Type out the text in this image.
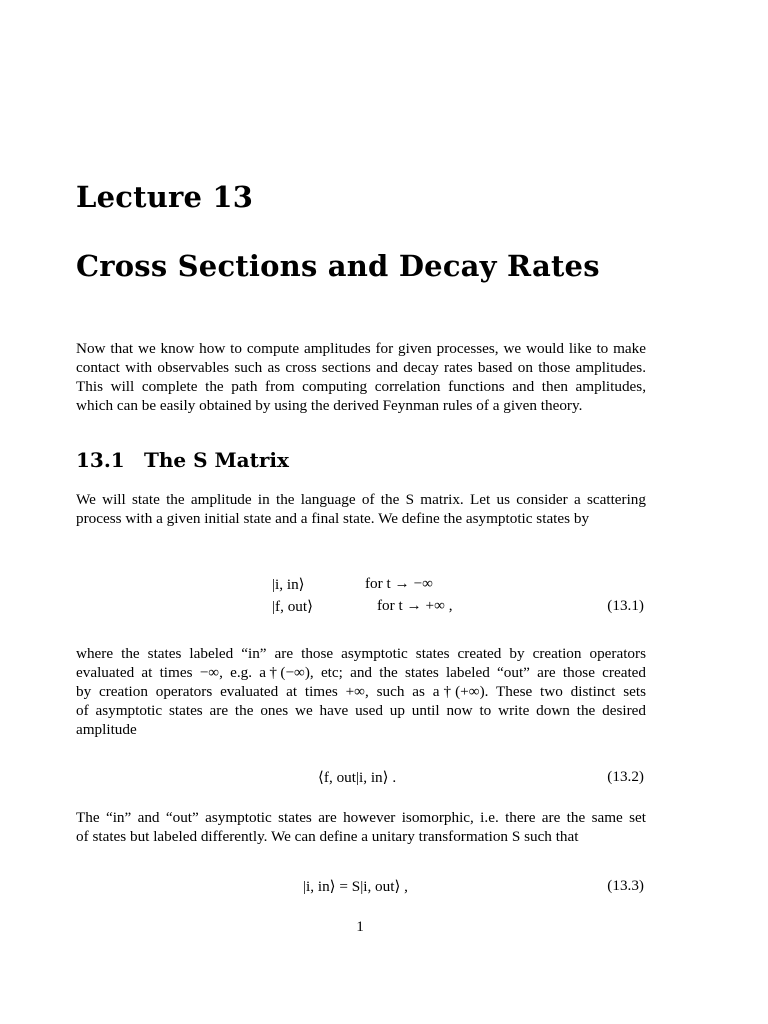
Lecture 13
Cross Sections and Decay Rates

Now that we know how to compute amplitudes for given processes, we would like to make
contact with observables such as cross sections and decay rates based on those amplitudes.
This will complete the path from computing correlation functions and then amplitudes,
which can be easily obtained by using the derived Feynman rules of a given theory.

13.1 The S Matrix

We will state the amplitude in the language of the S matrix. Let us consider a scattering
process with a given initial state and a final state. We define the asymptotic states by

|i, in⟩	for t → −∞
|f, out⟩	for t → +∞ ,	(13.1)

where the states labeled “in” are those asymptotic states created by creation operators
evaluated at times −∞, e.g. a†(−∞), etc; and the states labeled “out” are those created
by creation operators evaluated at times +∞, such as a†(+∞). These two distinct sets
of asymptotic states are the ones we have used up until now to write down the desired
amplitude

⟨f, out|i, in⟩ .	(13.2)

The “in” and “out” asymptotic states are however isomorphic, i.e. there are the same set
of states but labeled differently. We can define a unitary transformation S such that

|i, in⟩ = S|i, out⟩ ,	(13.3)
1
